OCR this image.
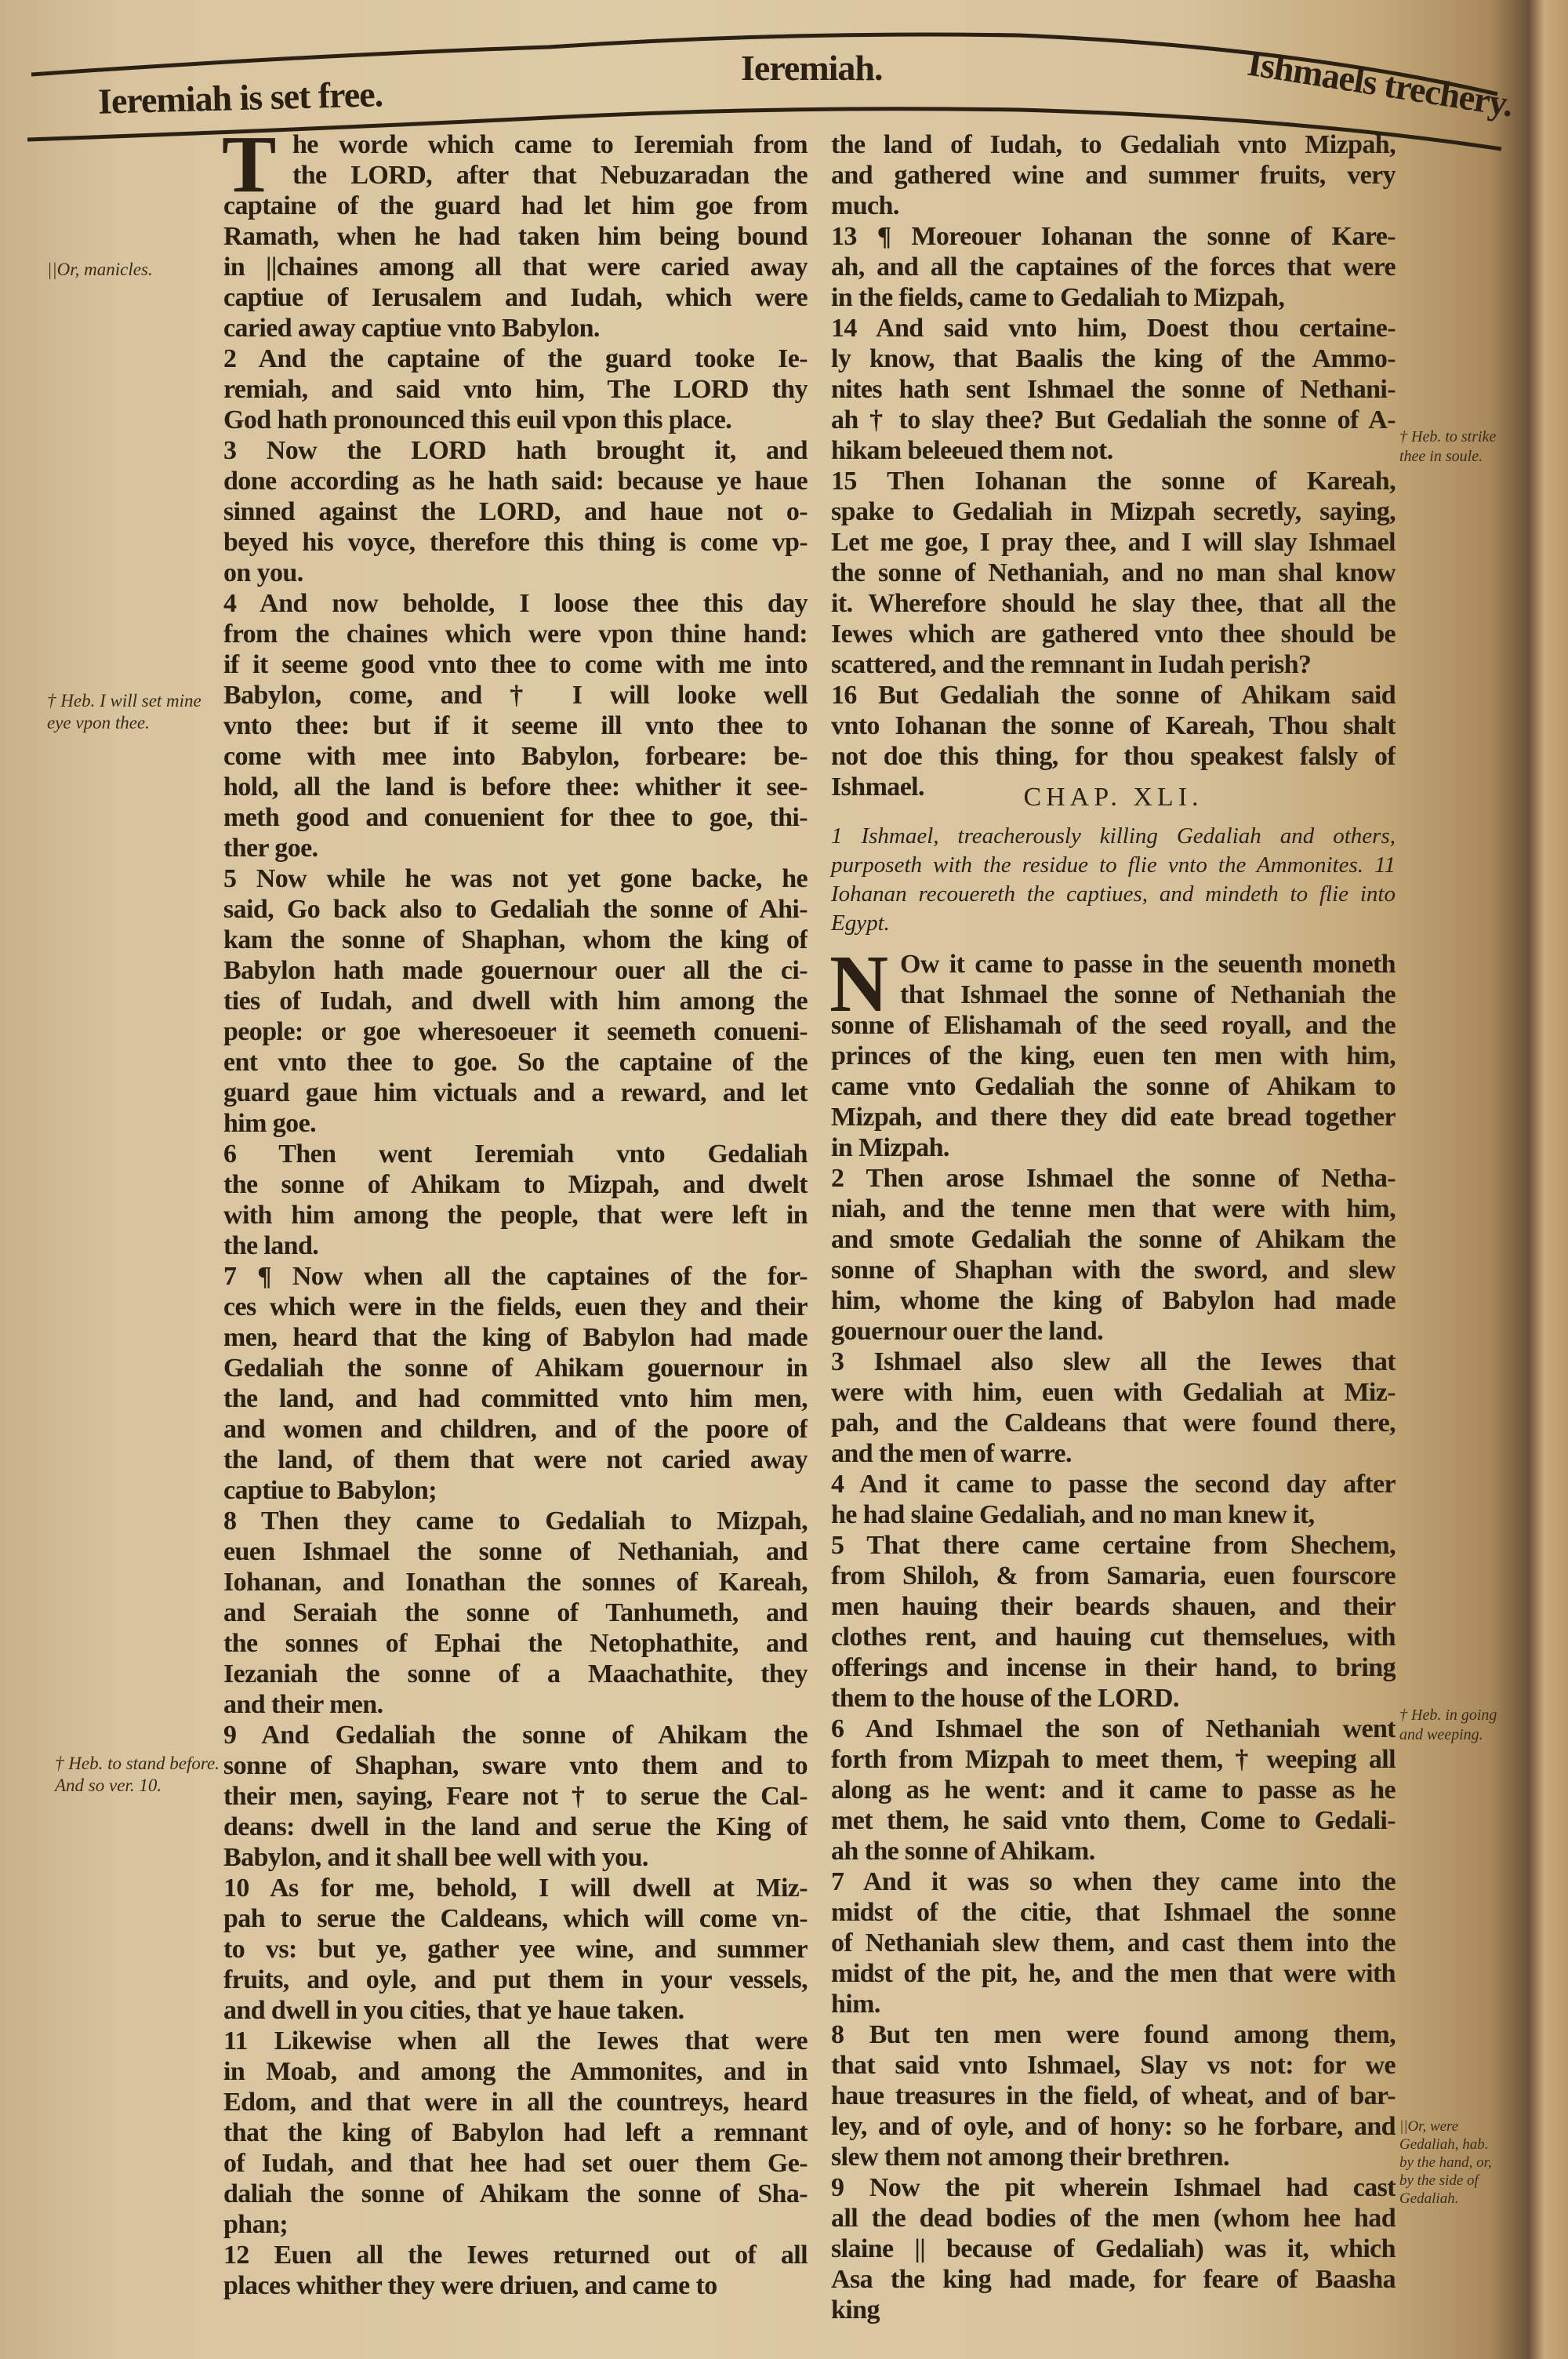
Ieremiah is set free.
Ieremiah.	Ishmaels trechery.
T he worde which came to Ieremiah from
the LORD, after that Nebuzaradan the
captaine of the guard had let him goe from
Ramath, when he had taken him being bound
in ||chaines among all that were caried away
captiue of Ierusalem and Iudah, which were
caried away captiue vnto Babylon.
2 And the captaine of the guard tooke Ie-
remiah, and said vnto him, The LORD thy
God hath pronounced this euil vpon this place.
3 Now the LORD hath brought it, and
done according as he hath said: because ye haue
sinned against the LORD, and haue not o-
beyed his voyce, therefore this thing is come vp-
on you.
4 And now beholde, I loose thee this day
from the chaines which were vpon thine hand:
if it seeme good vnto thee to come with me into
Babylon, come, and † I will looke well
vnto thee: but if it seeme ill vnto thee to
come with mee into Babylon, forbeare: be-
hold, all the land is before thee: whither it see-
meth good and conuenient for thee to goe, thi-
ther goe.
5 Now while he was not yet gone backe, he
said, Go back also to Gedaliah the sonne of Ahi-
kam the sonne of Shaphan, whom the king of
Babylon hath made gouernour ouer all the ci-
ties of Iudah, and dwell with him among the
people: or goe wheresoeuer it seemeth conueni-
ent vnto thee to goe. So the captaine of the
guard gaue him victuals and a reward, and let
him goe.
6 Then went Ieremiah vnto Gedaliah
the sonne of Ahikam to Mizpah, and dwelt
with him among the people, that were left in
the land.
7 ¶ Now when all the captaines of the for-
ces which were in the fields, euen they and their
men, heard that the king of Babylon had made
Gedaliah the sonne of Ahikam gouernour in
the land, and had committed vnto him men,
and women and children, and of the poore of
the land, of them that were not caried away
captiue to Babylon;
8 Then they came to Gedaliah to Mizpah,
euen Ishmael the sonne of Nethaniah, and
Iohanan, and Ionathan the sonnes of Kareah,
and Seraiah the sonne of Tanhumeth, and
the sonnes of Ephai the Netophathite, and
Iezaniah the sonne of a Maachathite, they
and their men.
9 And Gedaliah the sonne of Ahikam the
sonne of Shaphan, sware vnto them and to
their men, saying, Feare not † to serue the Cal-
deans: dwell in the land and serue the King of
Babylon, and it shall bee well with you.
10 As for me, behold, I will dwell at Miz-
pah to serue the Caldeans, which will come vn-
to vs: but ye, gather yee wine, and summer
fruits, and oyle, and put them in your vessels,
and dwell in you cities, that ye haue taken.
11 Likewise when all the Iewes that were
in Moab, and among the Ammonites, and in
Edom, and that were in all the countreys, heard
that the king of Babylon had left a remnant
of Iudah, and that hee had set ouer them Ge-
daliah the sonne of Ahikam the sonne of Sha-
phan;
12 Euen all the Iewes returned out of all
places whither they were driuen, and came to
the land of Iudah, to Gedaliah vnto Mizpah,
and gathered wine and summer fruits, very
much.
13 ¶ Moreouer Iohanan the sonne of Kare-
ah, and all the captaines of the forces that were
in the fields, came to Gedaliah to Mizpah,
14 And said vnto him, Doest thou certaine-
ly know, that Baalis the king of the Ammo-
nites hath sent Ishmael the sonne of Nethani-
ah † to slay thee? But Gedaliah the sonne of A-
hikam beleeued them not.
15 Then Iohanan the sonne of Kareah,
spake to Gedaliah in Mizpah secretly, saying,
Let me goe, I pray thee, and I will slay Ishmael
the sonne of Nethaniah, and no man shal know
it. Wherefore should he slay thee, that all the
Iewes which are gathered vnto thee should be
scattered, and the remnant in Iudah perish?
16 But Gedaliah the sonne of Ahikam said
vnto Iohanan the sonne of Kareah, Thou shalt
not doe this thing, for thou speakest falsly of
Ishmael.	CHAP. XLI.
1 Ishmael, treacherously killing Gedaliah and others, purposeth with the residue to flie vnto the Ammonites. 11 Iohanan recouereth the captiues, and mindeth to flie into Egypt.
N Ow it came to passe in the seuenth moneth
that Ishmael the sonne of Nethaniah the
sonne of Elishamah of the seed royall, and the
princes of the king, euen ten men with him,
came vnto Gedaliah the sonne of Ahikam to
Mizpah, and there they did eate bread together
in Mizpah.
2 Then arose Ishmael the sonne of Netha-
niah, and the tenne men that were with him,
and smote Gedaliah the sonne of Ahikam the
sonne of Shaphan with the sword, and slew
him, whome the king of Babylon had made
gouernour ouer the land.
3 Ishmael also slew all the Iewes that
were with him, euen with Gedaliah at Miz-
pah, and the Caldeans that were found there,
and the men of warre.
4 And it came to passe the second day after
he had slaine Gedaliah, and no man knew it,
5 That there came certaine from Shechem,
from Shiloh, & from Samaria, euen fourscore
men hauing their beards shauen, and their
clothes rent, and hauing cut themselues, with
offerings and incense in their hand, to bring
them to the house of the LORD.
6 And Ishmael the son of Nethaniah went
forth from Mizpah to meet them, † weeping all
along as he went: and it came to passe as he
met them, he said vnto them, Come to Gedali-
ah the sonne of Ahikam.
7 And it was so when they came into the
midst of the citie, that Ishmael the sonne
of Nethaniah slew them, and cast them into the
midst of the pit, he, and the men that were with
him.
8 But ten men were found among them,
that said vnto Ishmael, Slay vs not: for we
haue treasures in the field, of wheat, and of bar-
ley, and of oyle, and of hony: so he forbare, and
slew them not among their brethren.
9 Now the pit wherein Ishmael had cast
all the dead bodies of the men (whom hee had
slaine || because of Gedaliah) was it, which
Asa the king had made, for feare of Baasha
king
||Or, manicles.
† Heb. I will set mine eye vpon thee.
† Heb. to stand before. And so ver. 10.
† Heb. to strike thee in soule.
† Heb. in going and weeping.
||Or, were Gedaliah, hab. by the hand, or, by the side of Gedaliah.
